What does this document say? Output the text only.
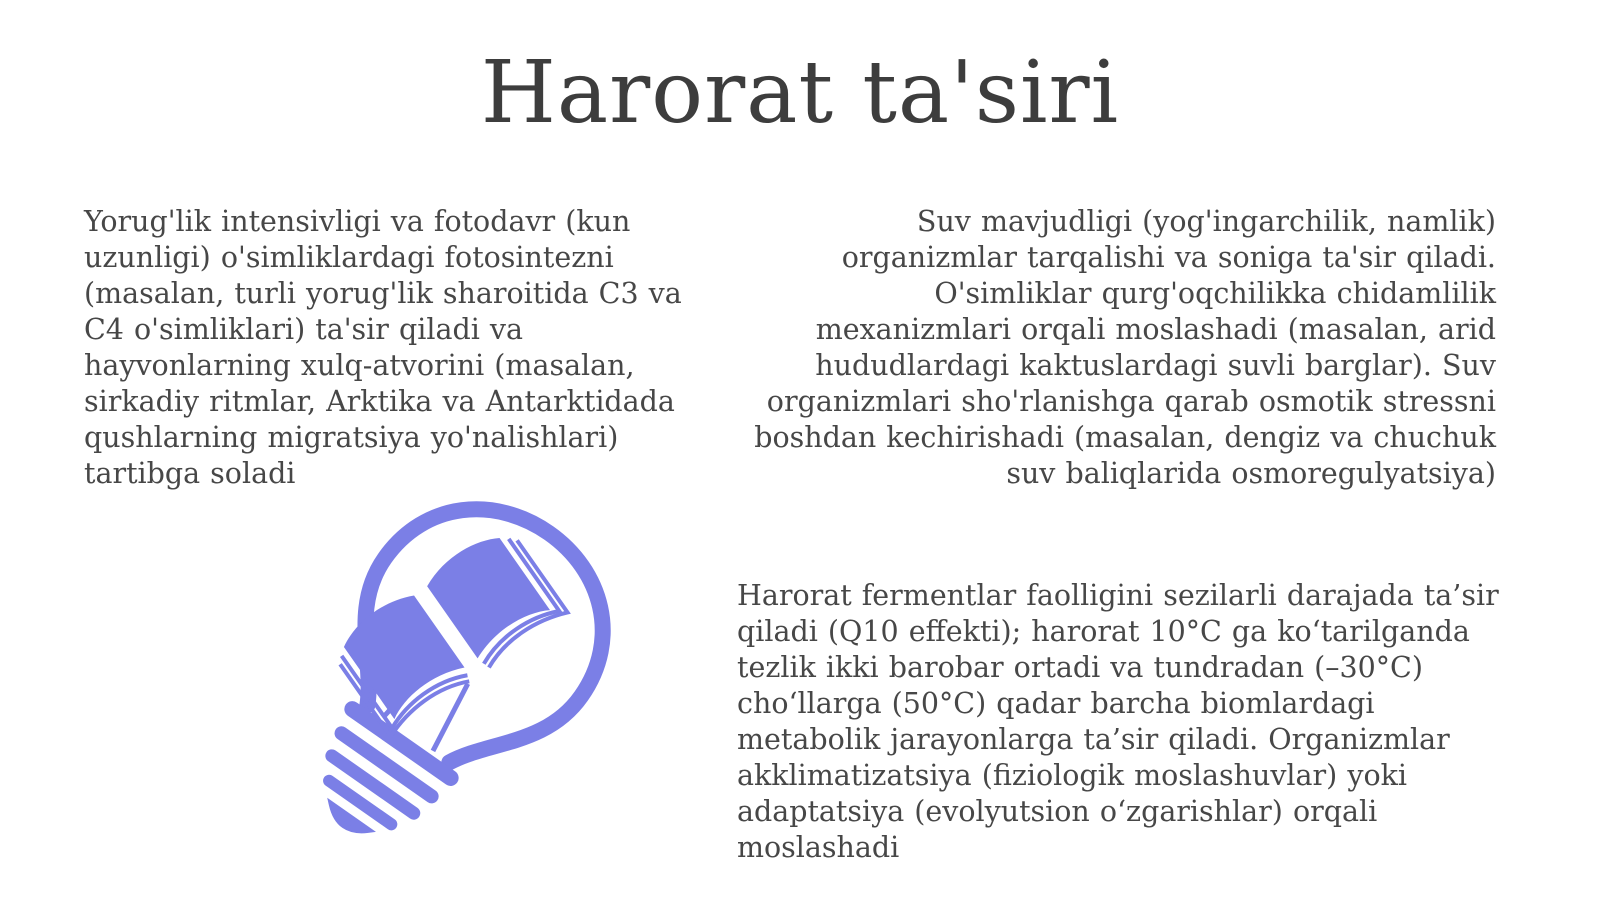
Harorat ta'siri

Yorug'lik intensivligi va fotodavr (kun uzunligi) o'simliklardagi fotosintezni (masalan, turli yorug'lik sharoitida C3 va C4 o'simliklari) ta'sir qiladi va hayvonlarning xulq-atvorini (masalan, sirkadiy ritmlar, Arktika va Antarktidada qushlarning migratsiya yo'nalishlari) tartibga soladi

Suv mavjudligi (yog'ingarchilik, namlik) organizmlar tarqalishi va soniga ta'sir qiladi. O'simliklar qurg'oqchilikka chidamlilik mexanizmlari orqali moslashadi (masalan, arid hududlardagi kaktuslardagi suvli barglar). Suv organizmlari sho'rlanishga qarab osmotik stressni boshdan kechirishadi (masalan, dengiz va chuchuk suv baliqlarida osmoregulyatsiya)

Harorat fermentlar faolligini sezilarli darajada ta’sir qiladi (Q10 effekti); harorat 10°C ga ko‘tarilganda tezlik ikki barobar ortadi va tundradan (–30°C) cho‘llarga (50°C) qadar barcha biomlardagi metabolik jarayonlarga ta’sir qiladi. Organizmlar akklimatizatsiya (fiziologik moslashuvlar) yoki adaptatsiya (evolyutsion o‘zgarishlar) orqali moslashadi
